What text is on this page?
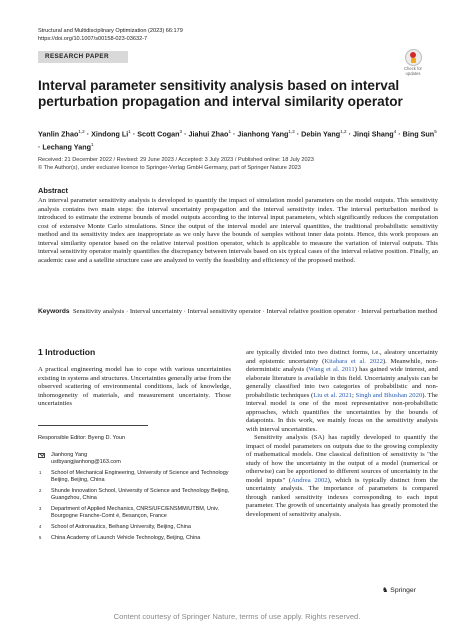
Structural and Multidisciplinary Optimization (2023) 66:179
https://doi.org/10.1007/s00158-023-03632-7
RESEARCH PAPER
Check for updates
Interval parameter sensitivity analysis based on interval perturbation propagation and interval similarity operator
Yanlin Zhao$^{1,2}$ · Xindong $Li^1 \cdot Scott$ Cogan$^3$ · Jiahui Zhao$^1$ · Jianhong Yang$^{1,2}$ · Debin Yang$^{1,2}$ · Jinqi Shang$^4$ · Bing Sun$^5$ · Lechang Yang$^1$
Received: 21 December 2022 / Revised: 29 June 2023 / Accepted: 3 July 2023 / Published online: 18 July 2023
© The Author(s), under exclusive licence to Springer-Verlag GmbH Germany, part of Springer Nature 2023
Abstract
An interval parameter sensitivity analysis is developed to quantify the impact of simulation model parameters on the model outputs. This sensitivity analysis contains two main steps: the interval uncertainty propagation and the interval sensitivity index. The interval perturbation method is introduced to estimate the extreme bounds of model outputs according to the interval input parameters, which significantly reduces the computation cost of extensive Monte Carlo simulations. Since the output of the interval model are interval quantities, the traditional probabilistic sensitivity method and its sensitivity index are inappropriate as we only have the bounds of samples without inner data points. Hence, this work proposes an interval similarity operator based on the relative interval position operator, which is applicable to measure the variation of interval outputs. This interval sensitivity operator mainly quantifies the discrepancy between intervals based on six typical cases of the interval relative position. Finally, an academic case and a satellite structure case are analyzed to verify the feasibility and efficiency of the proposed method.
Keywords Sensitivity analysis · Interval uncertainty · Interval sensitivity operator · Interval relative position operator · Interval perturbation method
1 Introduction
A practical engineering model has to cope with various uncertainties existing in systems and structures. Uncertainties generally arise from the observed scattering of environmental conditions, lack of knowledge, inhomogeneity of materials, and measurement uncertainty. Those uncertainties

are typically divided into two distinct forms, i.e., aleatory uncertainty and epistemic uncertainty (Kitahara et al. 2022). Meanwhile, non-deterministic analysis (Wang et al. 2011) has gained wide interest, and elaborate literature is available in this field. Uncertainty analysis can be generally classified into two categories of probabilistic and non-probabilistic techniques (Liu et al. 2021; Singh and Bhushan 2020). The interval model is one of the most representative non-probabilistic approaches, which quantifies the uncertainties by the bounds of datapoints. In this work, we mainly focus on the sensitivity analysis with interval uncertainties.

Sensitivity analysis (SA) has rapidly developed to quantify the impact of model parameters on outputs due to the growing complexity of mathematical models. One classical definition of sensitivity is "the study of how the uncertainty in the output of a model (numerical or otherwise) can be apportioned to different sources of uncertainty in the model inputs" (Andrea 2002), which is typically distinct from the uncertainty analysis. The importance of parameters is compared through ranked sensitivity indexes corresponding to each input parameter. The growth of uncertainty analysis has greatly promoted the development of sensitivity analysis.

Responsible Editor: Byeng D. Youn
Jianhong Yang
ustbyangjianhong@163.com
1 School of Mechanical Engineering, University of Science and Technology Beijing, Beijing, China
2 Shunde Innovation School, University of Science and Technology Beijing, Guangzhou, China
3 Department of Applied Mechanics, CNRS/UFC/ENSMM/UTBM, Univ. Bourgogne Franche-Comt é, Besançon, France
4 School of Astronautics, Beihang University, Beijing, China
5 China Academy of Launch Vehicle Technology, Beijing, China
♞ Springer
Content courtesy of Springer Nature, terms of use apply. Rights reserved.
